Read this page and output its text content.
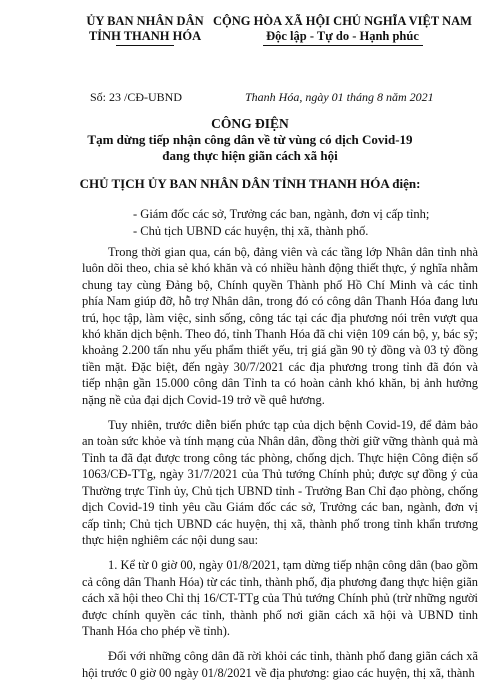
ỦY BAN NHÂN DÂN
TỈNH THANH HÓA
CỘNG HÒA XÃ HỘI CHỦ NGHĨA VIỆT NAM
Độc lập - Tự do - Hạnh phúc
Số: 23 /CĐ-UBND	Thanh Hóa, ngày 01 tháng 8 năm 2021
CÔNG ĐIỆN
Tạm dừng tiếp nhận công dân về từ vùng có dịch Covid-19
đang thực hiện giãn cách xã hội
CHỦ TỊCH ỦY BAN NHÂN DÂN TỈNH THANH HÓA điện:
- Giám đốc các sở, Trưởng các ban, ngành, đơn vị cấp tỉnh;
- Chủ tịch UBND các huyện, thị xã, thành phố.

Trong thời gian qua, cán bộ, đảng viên và các tầng lớp Nhân dân tỉnh nhà luôn dõi theo, chia sẻ khó khăn và có nhiều hành động thiết thực, ý nghĩa nhằm chung tay cùng Đảng bộ, Chính quyền Thành phố Hồ Chí Minh và các tỉnh phía Nam giúp đỡ, hỗ trợ Nhân dân, trong đó có công dân Thanh Hóa đang lưu trú, học tập, làm việc, sinh sống, công tác tại các địa phương nói trên vượt qua khó khăn dịch bệnh. Theo đó, tỉnh Thanh Hóa đã chi viện 109 cán bộ, y, bác sỹ; khoảng 2.200 tấn nhu yếu phẩm thiết yếu, trị giá gần 90 tỷ đồng và 03 tỷ đồng tiền mặt. Đặc biệt, đến ngày 30/7/2021 các địa phương trong tỉnh đã đón và tiếp nhận gần 15.000 công dân Tỉnh ta có hoàn cảnh khó khăn, bị ảnh hưởng nặng nề của đại dịch Covid-19 trở về quê hương.

Tuy nhiên, trước diễn biến phức tạp của dịch bệnh Covid-19, để đảm bảo an toàn sức khỏe và tính mạng của Nhân dân, đồng thời giữ vững thành quả mà Tỉnh ta đã đạt được trong công tác phòng, chống dịch. Thực hiện Công điện số 1063/CĐ-TTg, ngày 31/7/2021 của Thủ tướng Chính phủ; được sự đồng ý của Thường trực Tỉnh ủy, Chủ tịch UBND tỉnh - Trưởng Ban Chỉ đạo phòng, chống dịch Covid-19 tỉnh yêu cầu Giám đốc các sở, Trưởng các ban, ngành, đơn vị cấp tỉnh; Chủ tịch UBND các huyện, thị xã, thành phố trong tỉnh khẩn trương thực hiện nghiêm các nội dung sau:

1. Kể từ 0 giờ 00, ngày 01/8/2021, tạm dừng tiếp nhận công dân (bao gồm cả công dân Thanh Hóa) từ các tỉnh, thành phố, địa phương đang thực hiện giãn cách xã hội theo Chỉ thị 16/CT-TTg của Thủ tướng Chính phủ (trừ những người được chính quyền các tỉnh, thành phố nơi giãn cách xã hội và UBND tỉnh Thanh Hóa cho phép về tỉnh).

Đối với những công dân đã rời khỏi các tỉnh, thành phố đang giãn cách xã hội trước 0 giờ 00 ngày 01/8/2021 về địa phương: giao các huyện, thị xã, thành
